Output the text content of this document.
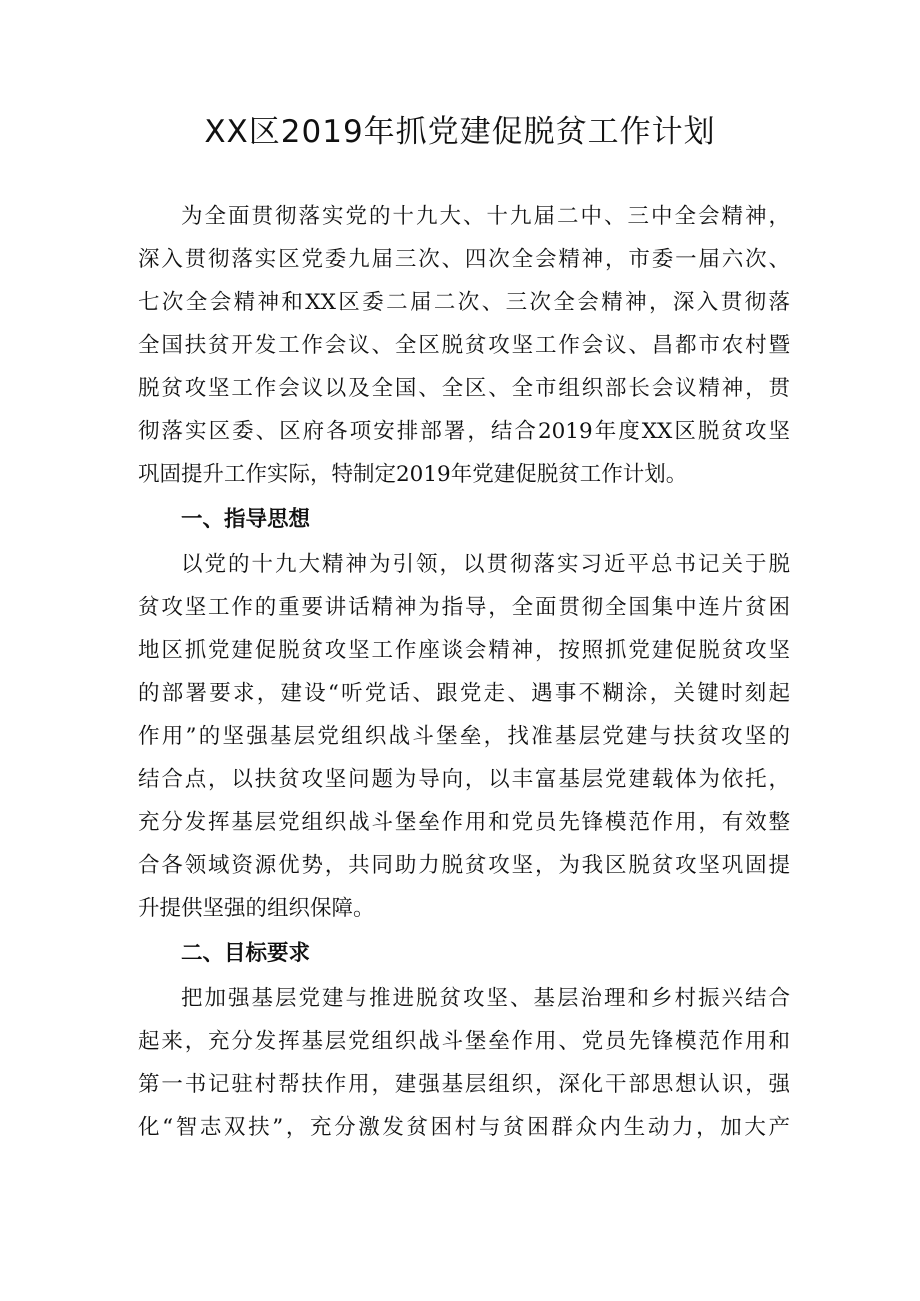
XX区2019年抓党建促脱贫工作计划
为全面贯彻落实党的十九大、十九届二中、三中全会精神，
深入贯彻落实区党委九届三次、四次全会精神，市委一届六次、
七次全会精神和XX区委二届二次、三次全会精神，深入贯彻落
全国扶贫开发工作会议、全区脱贫攻坚工作会议、昌都市农村暨
脱贫攻坚工作会议以及全国、全区、全市组织部长会议精神，贯
彻落实区委、区府各项安排部署，结合2019年度XX区脱贫攻坚
巩固提升工作实际，特制定2019年党建促脱贫工作计划。
一、指导思想
以党的十九大精神为引领，以贯彻落实习近平总书记关于脱
贫攻坚工作的重要讲话精神为指导，全面贯彻全国集中连片贫困
地区抓党建促脱贫攻坚工作座谈会精神，按照抓党建促脱贫攻坚
的部署要求，建设“听党话、跟党走、遇事不糊涂，关键时刻起
作用”的坚强基层党组织战斗堡垒，找准基层党建与扶贫攻坚的
结合点，以扶贫攻坚问题为导向，以丰富基层党建载体为依托，
充分发挥基层党组织战斗堡垒作用和党员先锋模范作用，有效整
合各领域资源优势，共同助力脱贫攻坚，为我区脱贫攻坚巩固提
升提供坚强的组织保障。
二、目标要求
把加强基层党建与推进脱贫攻坚、基层治理和乡村振兴结合
起来，充分发挥基层党组织战斗堡垒作用、党员先锋模范作用和
第一书记驻村帮扶作用，建强基层组织，深化干部思想认识，强
化“智志双扶”，充分激发贫困村与贫困群众内生动力，加大产
